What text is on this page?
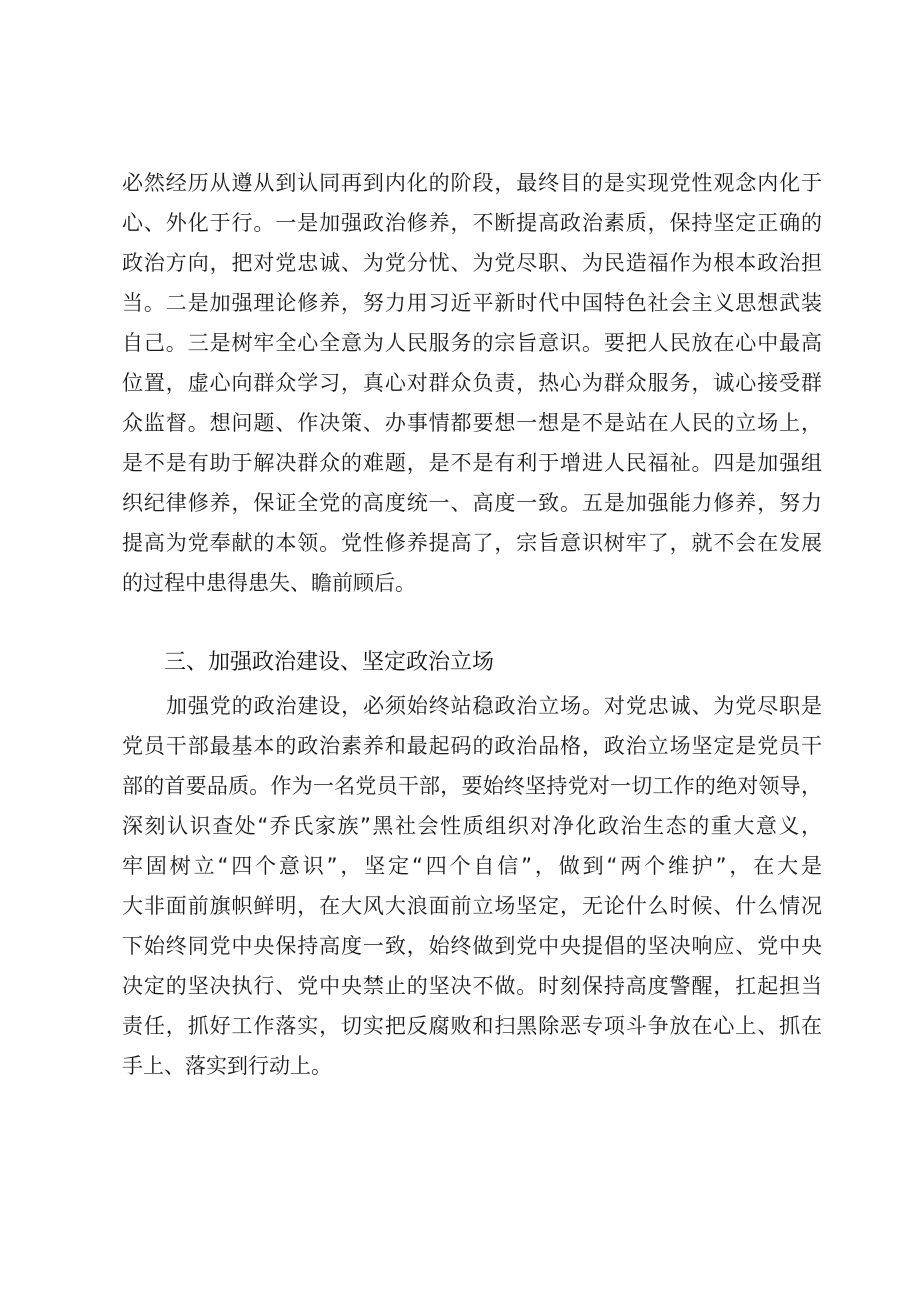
必然经历从遵从到认同再到内化的阶段，最终目的是实现党性观念内化于
心、外化于行。一是加强政治修养，不断提高政治素质，保持坚定正确的
政治方向，把对党忠诚、为党分忧、为党尽职、为民造福作为根本政治担
当。二是加强理论修养，努力用习近平新时代中国特色社会主义思想武装
自己。三是树牢全心全意为人民服务的宗旨意识。要把人民放在心中最高
位置，虚心向群众学习，真心对群众负责，热心为群众服务，诚心接受群
众监督。想问题、作决策、办事情都要想一想是不是站在人民的立场上，
是不是有助于解决群众的难题，是不是有利于增进人民福祉。四是加强组
织纪律修养，保证全党的高度统一、高度一致。五是加强能力修养，努力
提高为党奉献的本领。党性修养提高了，宗旨意识树牢了，就不会在发展
的过程中患得患失、瞻前顾后。
三、加强政治建设、坚定政治立场
加强党的政治建设，必须始终站稳政治立场。对党忠诚、为党尽职是
党员干部最基本的政治素养和最起码的政治品格，政治立场坚定是党员干
部的首要品质。作为一名党员干部，要始终坚持党对一切工作的绝对领导，
深刻认识查处“乔氏家族”黑社会性质组织对净化政治生态的重大意义，
牢固树立“四个意识”，坚定“四个自信”，做到“两个维护”，在大是
大非面前旗帜鲜明，在大风大浪面前立场坚定，无论什么时候、什么情况
下始终同党中央保持高度一致，始终做到党中央提倡的坚决响应、党中央
决定的坚决执行、党中央禁止的坚决不做。时刻保持高度警醒，扛起担当
责任，抓好工作落实，切实把反腐败和扫黑除恶专项斗争放在心上、抓在
手上、落实到行动上。
